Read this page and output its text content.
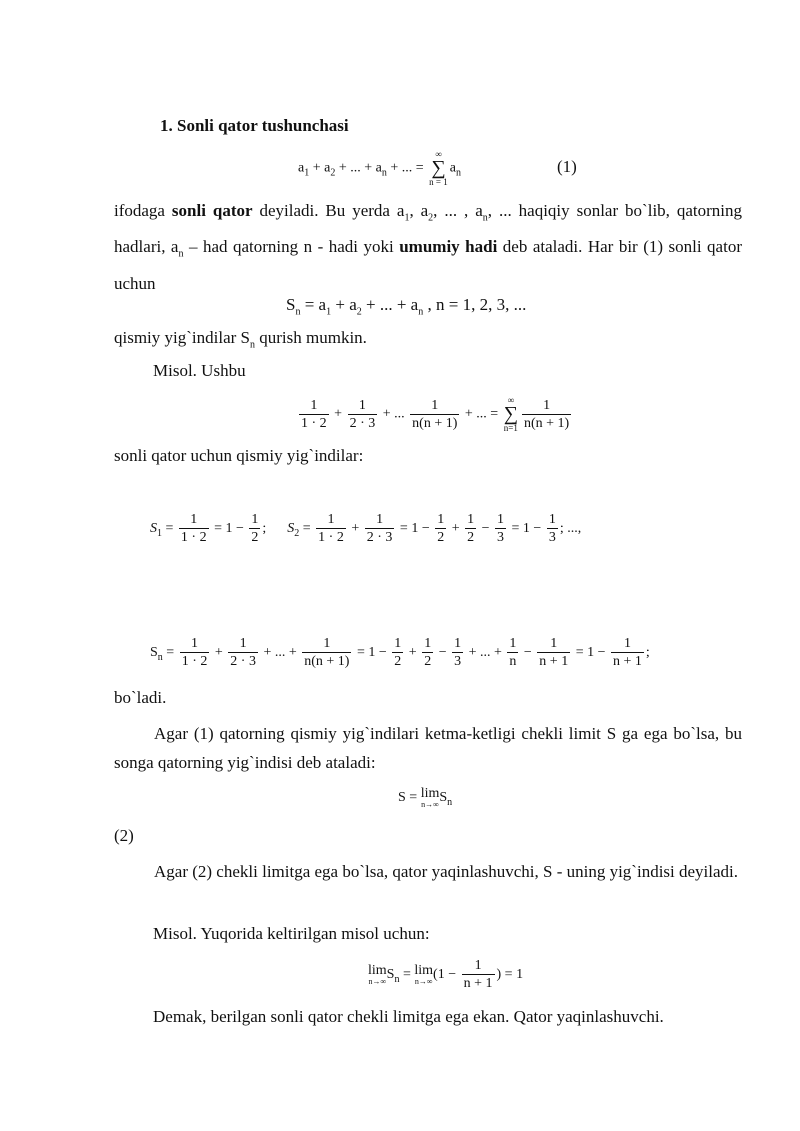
1. Sonli qator tushunchasi
$a_1 + a_2$ + ... + $a_n$ + ... =
∞
∑
n = 1
$a_n$	(1)
ifodaga sonli qator deyiladi. Bu yerda $a_1$, $a_2$, ... , $a_n$, ... haqiqiy sonlar bo`lib, qatorning hadlari, $a_n$ – had qatorning n - hadi yoki umumiy hadi deb ataladi. Har bir (1) sonli qator uchun
$S_n = a_1 + a_2$ + ... + $a_n$ , n = 1, 2, 3, ...
qismiy yig`indilar $S_n$ qurish mumkin.
Misol. Ushbu
$\frac{1}{1 \cdot 2} + \frac{1}{2 \cdot 3}$ + ... $\frac{1}{n(n + 1)}$ + ... =
∞
∑
$n=1 \frac{1}{n(n + 1)}$
sonli qator uchun qismiy yig`indilar:
$S_1 = \frac{1}{1 \cdot 2} = 1 - \frac{1}{2}$ ; $S_2 = \frac{1}{1 \cdot 2} + \frac{1}{2 \cdot 3} = 1 - \frac{1}{2} + \frac{1}{2} - \frac{1}{3} = 1 - \frac{1}{3}$ ; ...,
$S_n = \frac{1}{1 \cdot 2} + \frac{1}{2 \cdot 3}$ + ... + $\frac{1}{n(n + 1)} = 1 - \frac{1}{2} + \frac{1}{2} - \frac{1}{3}$ + ... + $\frac{1}{n} - \frac{1}{n + 1} = 1 - \frac{1}{n + 1}$ ;
bo`ladi.
Agar (1) qatorning qismiy yig`indilari ketma-ketligi chekli limit S ga ega bo`lsa, bu songa qatorning yig`indisi deb ataladi:
S = lim
n→∞ $S_n$
(2)
Agar (2) chekli limitga ega bo`lsa, qator yaqinlashuvchi, S - uning yig`indisi deyiladi.
Misol. Yuqorida keltirilgan misol uchun:
lim
n→∞ $S_n = \lim$
n→∞ ($1 - \frac{1}{n + 1}$ ) = 1
Demak, berilgan sonli qator chekli limitga ega ekan. Qator yaqinlashuvchi.
